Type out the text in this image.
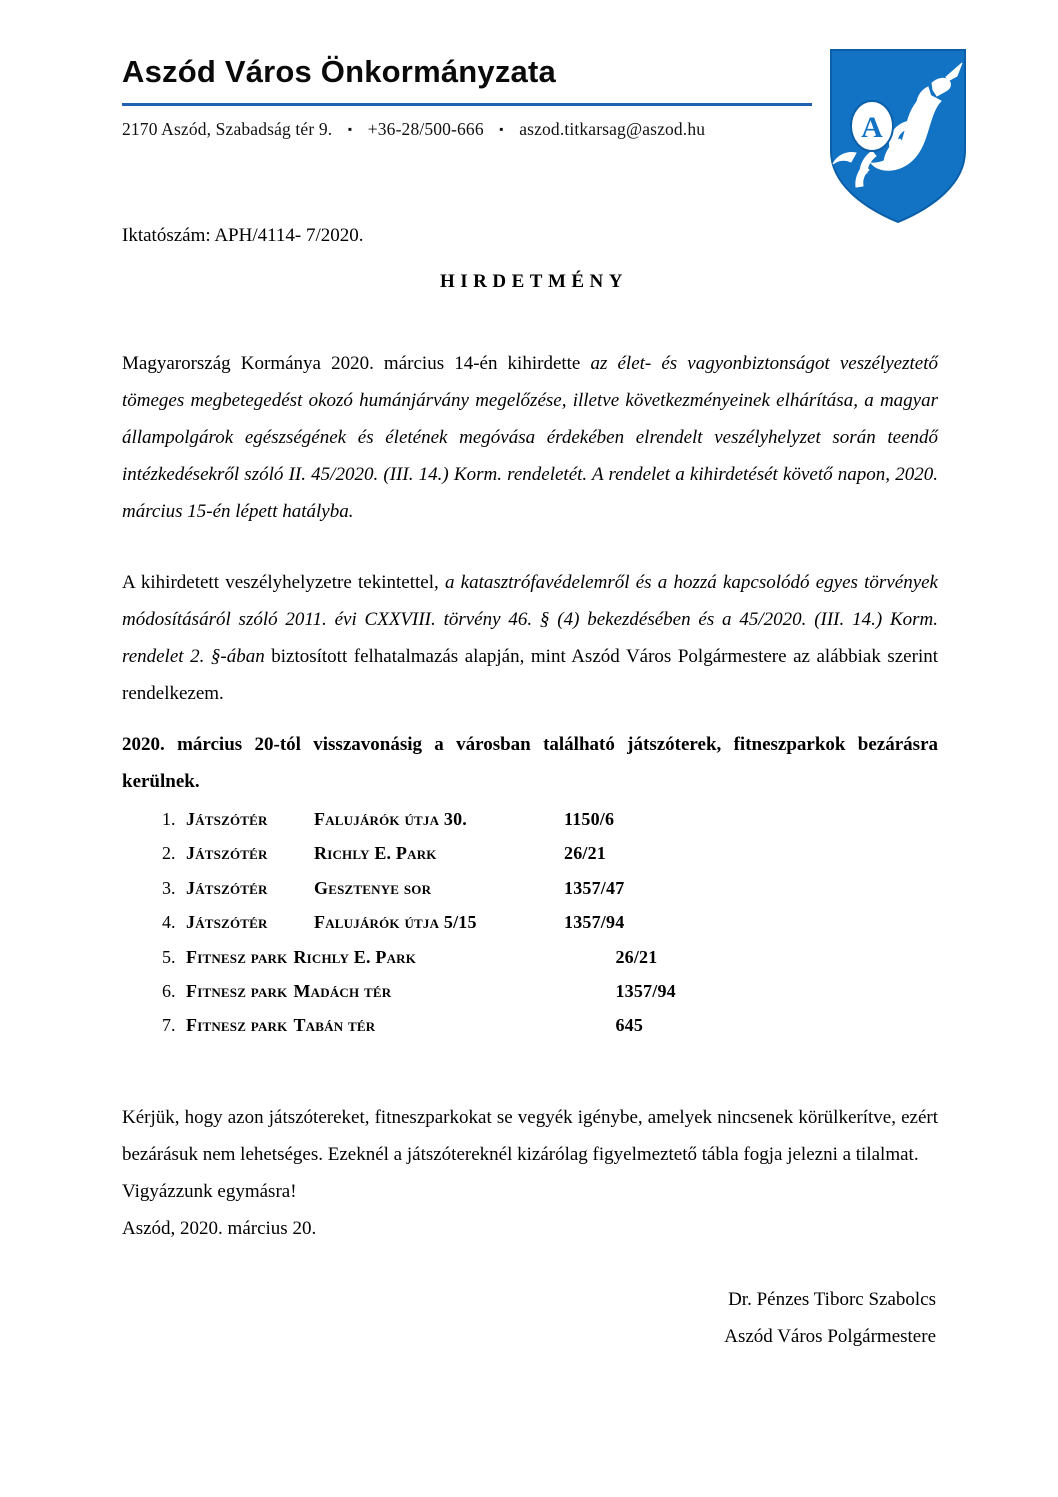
Aszód Város Önkormányzata
2170 Aszód, Szabadság tér 9. ▪ +36-28/500-666 ▪ aszod.titkarsag@aszod.hu	A
Iktatószám: APH/4114- 7/2020.
HIRDETMÉNY

Magyarország Kormánya 2020. március 14-én kihirdette az élet- és vagyonbiztonságot veszélyeztető tömeges megbetegedést okozó humánjárvány megelőzése, illetve következményeinek elhárítása, a magyar állampolgárok egészségének és életének megóvása érdekében elrendelt veszélyhelyzet során teendő intézkedésekről szóló II. 45/2020. (III. 14.) Korm. rendeletét. A rendelet a kihirdetését követő napon, 2020. március 15-én lépett hatályba.

A kihirdetett veszélyhelyzetre tekintettel, a katasztrófavédelemről és a hozzá kapcsolódó egyes törvények módosításáról szóló 2011. évi CXXVIII. törvény 46. § (4) bekezdésében és a 45/2020. (III. 14.) Korm. rendelet 2. §-ában biztosított felhatalmazás alapján, mint Aszód Város Polgármestere az alábbiak szerint rendelkezem.

2020. március 20-tól visszavonásig a városban található játszóterek, fitneszparkok bezárásra kerülnek.

1. Játszótér	Falujárók útja 30.	1150/6
2. Játszótér	Richly E. Park	26/21
3. Játszótér	Gesztenye sor	1357/47
4. Játszótér	Falujárók útja 5/15	1357/94
5. Fitnesz park Richly E. Park	26/21
6. Fitnesz park Madách tér	1357/94
7. Fitnesz park Tabán tér	645

Kérjük, hogy azon játszótereket, fitneszparkokat se vegyék igénybe, amelyek nincsenek körülkerítve, ezért bezárásuk nem lehetséges. Ezeknél a játszótereknél kizárólag figyelmeztető tábla fogja jelezni a tilalmat.

Vigyázzunk egymásra!

Aszód, 2020. március 20.

Dr. Pénzes Tiborc Szabolcs
Aszód Város Polgármestere
